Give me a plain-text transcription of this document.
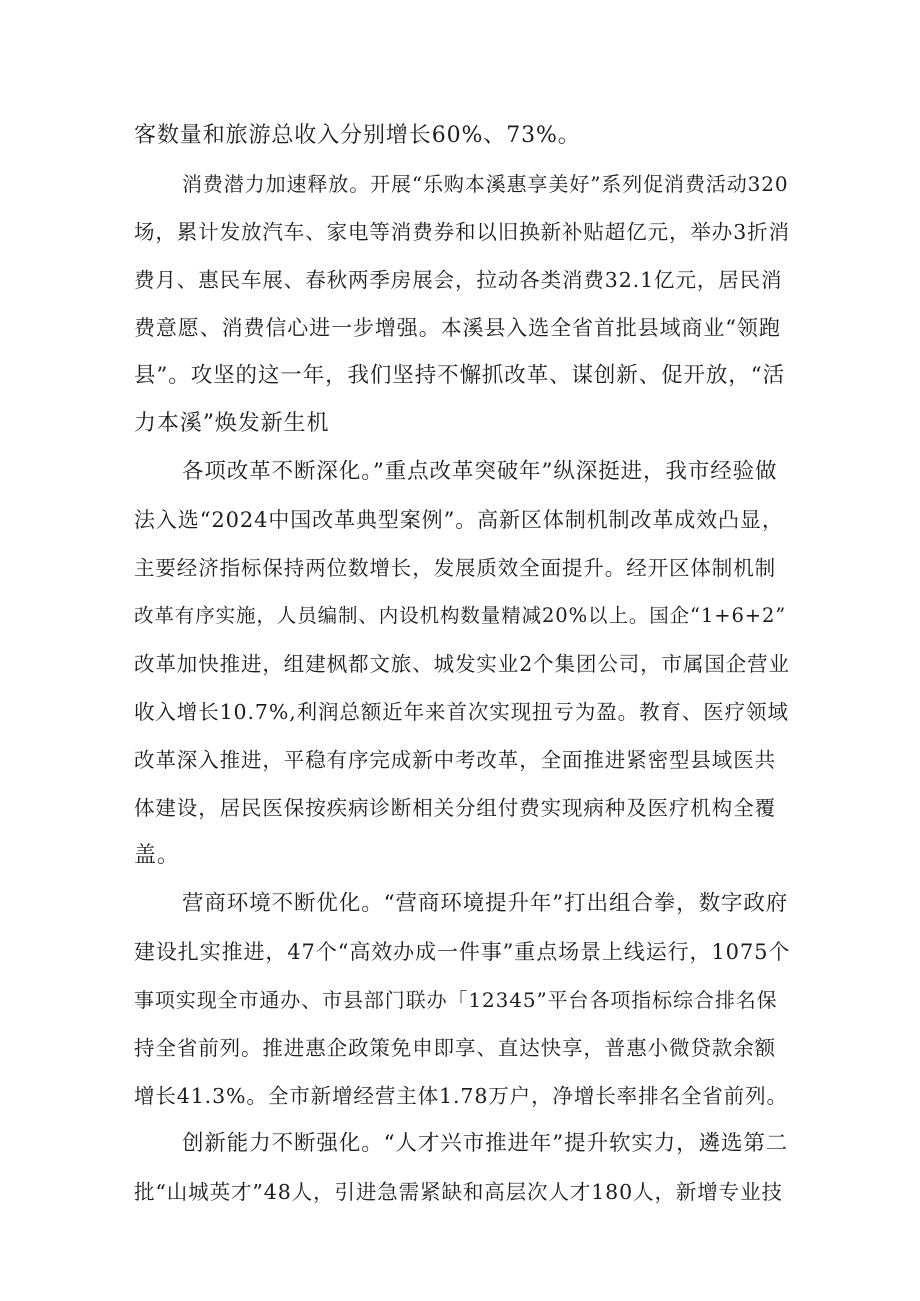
客数量和旅游总收入分别增长60%、73%。
消费潜力加速释放。开展“乐购本溪惠享美好”系列促消费活动320
场，累计发放汽车、家电等消费券和以旧换新补贴超亿元，举办3折消
费月、惠民车展、春秋两季房展会，拉动各类消费32.1亿元，居民消
费意愿、消费信心进一步增强。本溪县入选全省首批县域商业“领跑
县”。攻坚的这一年，我们坚持不懈抓改革、谋创新、促开放，“活
力本溪”焕发新生机
各项改革不断深化。”重点改革突破年”纵深挺进，我市经验做
法入选“2024中国改革典型案例”。高新区体制机制改革成效凸显，
主要经济指标保持两位数增长，发展质效全面提升。经开区体制机制
改革有序实施，人员编制、内设机构数量精减20%以上。国企“1+6+2”
改革加快推进，组建枫都文旅、城发实业2个集团公司，市属国企营业
收入增长10.7%,利润总额近年来首次实现扭亏为盈。教育、医疗领域
改革深入推进，平稳有序完成新中考改革，全面推进紧密型县域医共
体建设，居民医保按疾病诊断相关分组付费实现病种及医疗机构全覆
盖。
营商环境不断优化。“营商环境提升年”打出组合拳，数字政府
建设扎实推进，47个“高效办成一件事”重点场景上线运行，1075个
事项实现全市通办、市县部门联办「12345”平台各项指标综合排名保
持全省前列。推进惠企政策免申即享、直达快享，普惠小微贷款余额
增长41.3%。全市新增经营主体1.78万户，净增长率排名全省前列。
创新能力不断强化。“人才兴市推进年”提升软实力，遴选第二
批“山城英才”48人，引进急需紧缺和高层次人才180人，新增专业技
